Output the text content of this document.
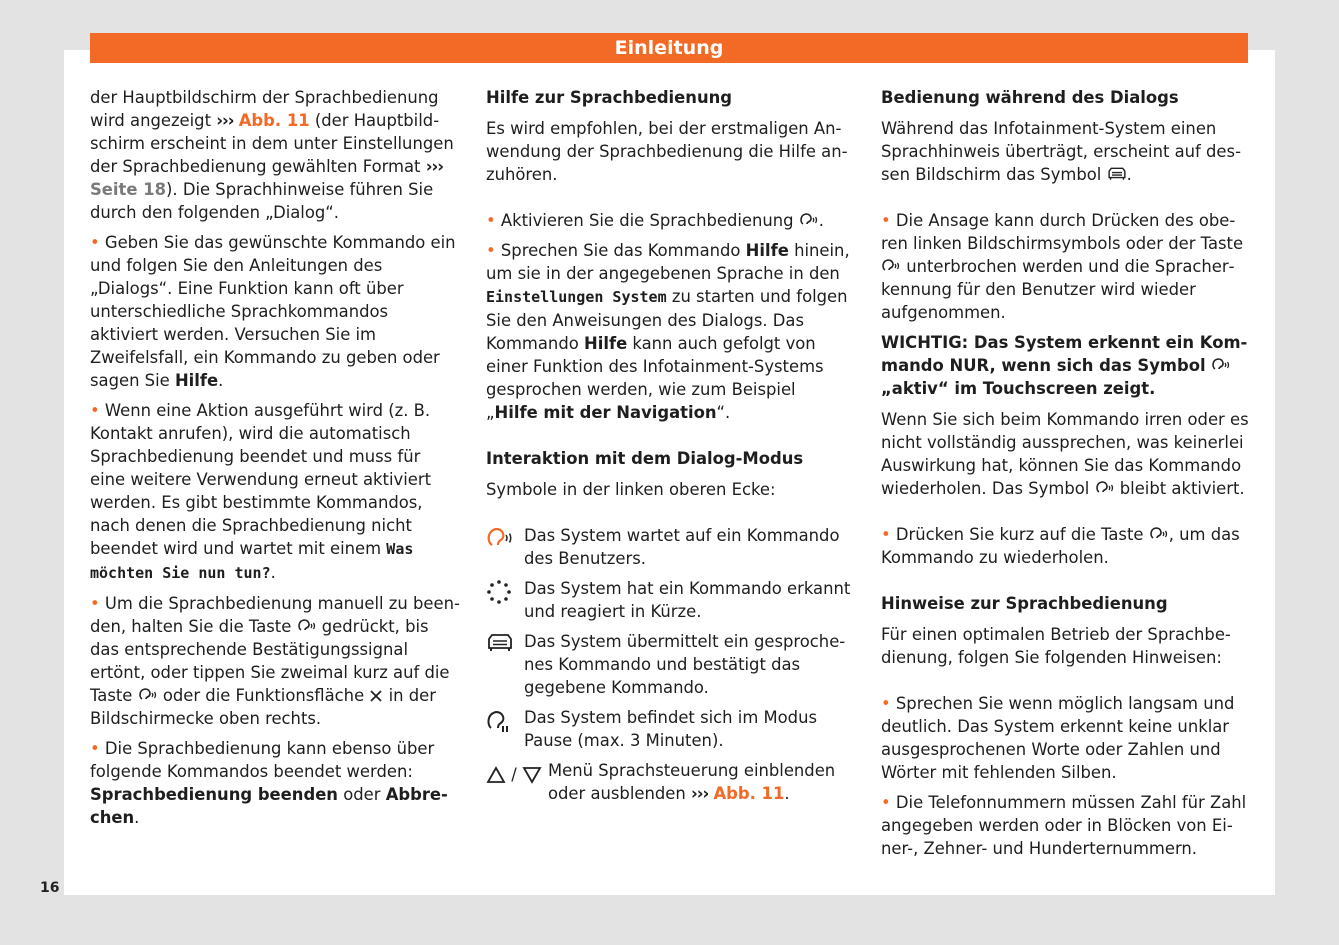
Einleitung

der Hauptbildschirm der Sprachbedienung wird angezeigt ››› Abb. 11 (der Hauptbildschirm erscheint in dem unter Einstellungen der Sprachbedienung gewählten Format ››› Seite 18). Die Sprachhinweise führen Sie durch den folgenden „Dialog“.

• Geben Sie das gewünschte Kommando ein und folgen Sie den Anleitungen des „Dialogs“. Eine Funktion kann oft über unterschiedliche Sprachkommandos aktiviert werden. Versuchen Sie im Zweifelsfall, ein Kommando zu geben oder sagen Sie Hilfe.

• Wenn eine Aktion ausgeführt wird (z. B. Kontakt anrufen), wird die automatisch Sprachbedienung beendet und muss für eine weitere Verwendung erneut aktiviert werden. Es gibt bestimmte Kommandos, nach denen die Sprachbedienung nicht beendet wird und wartet mit einem Was möchten Sie nun tun?.

• Um die Sprachbedienung manuell zu beenden, halten Sie die Taste gedrückt, bis das entsprechende Bestätigungssignal ertönt, oder tippen Sie zweimal kurz auf die Taste oder die Funktionsfläche in der Bildschirmecke oben rechts.

• Die Sprachbedienung kann ebenso über folgende Kommandos beendet werden: Sprachbedienung beenden oder Abbrechen.

Hilfe zur Sprachbedienung

Es wird empfohlen, bei der erstmaligen Anwendung der Sprachbedienung die Hilfe anzuhören.

• Aktivieren Sie die Sprachbedienung .

• Sprechen Sie das Kommando Hilfe hinein, um sie in der angegebenen Sprache in den Einstellungen System zu starten und folgen Sie den Anweisungen des Dialogs. Das Kommando Hilfe kann auch gefolgt von einer Funktion des Infotainment-Systems gesprochen werden, wie zum Beispiel „Hilfe mit der Navigation“.

Interaktion mit dem Dialog-Modus

Symbole in der linken oberen Ecke:

Das System wartet auf ein Kommando des Benutzers.
Das System hat ein Kommando erkannt und reagiert in Kürze.
Das System übermittelt ein gesprochenes Kommando und bestätigt das gegebene Kommando.
Das System befindet sich im Modus Pause (max. 3 Minuten).
/	Menü Sprachsteuerung einblenden oder ausblenden ››› Abb. 11.
Bedienung während des Dialogs

Während das Infotainment-System einen Sprachhinweis überträgt, erscheint auf dessen Bildschirm das Symbol .

• Die Ansage kann durch Drücken des oberen linken Bildschirmsymbols oder der Taste
unterbrochen werden und die Spracherkennung für den Benutzer wird wieder aufgenommen.

WICHTIG: Das System erkennt ein Kommando NUR, wenn sich das Symbol
„aktiv“ im Touchscreen zeigt.

Wenn Sie sich beim Kommando irren oder es nicht vollständig aussprechen, was keinerlei Auswirkung hat, können Sie das Kommando wiederholen. Das Symbol bleibt aktiviert.

• Drücken Sie kurz auf die Taste , um das Kommando zu wiederholen.

Hinweise zur Sprachbedienung

Für einen optimalen Betrieb der Sprachbedienung, folgen Sie folgenden Hinweisen:

• Sprechen Sie wenn möglich langsam und deutlich. Das System erkennt keine unklar ausgesprochenen Worte oder Zahlen und Wörter mit fehlenden Silben.

• Die Telefonnummern müssen Zahl für Zahl angegeben werden oder in Blöcken von Einer-, Zehner- und Hunderternummern.

16
